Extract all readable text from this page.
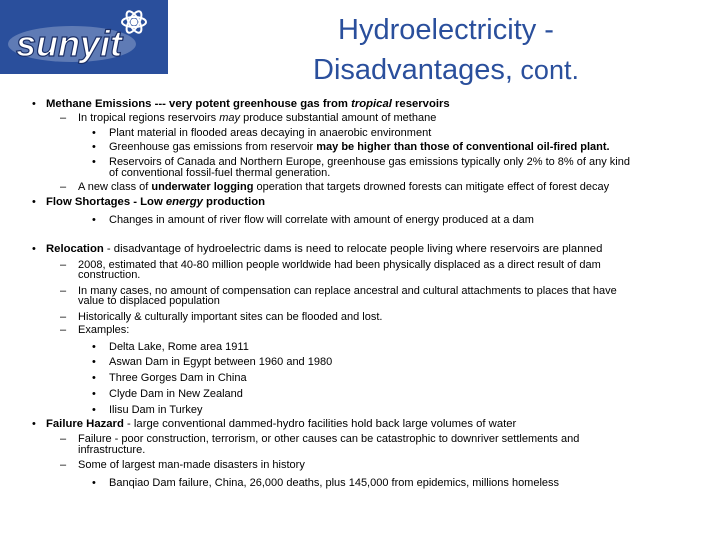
sunyit	Hydroelectricity -
Disadvantages, cont.
•
•
•
•
Methane Emissions --- very potent greenhouse gas from tropical reservoirs
– In tropical regions reservoirs may produce substantial amount of methane
• Plant material in flooded areas decaying in anaerobic environment
• Greenhouse gas emissions from reservoir may be higher than those of conventional oil-fired plant.
• Reservoirs of Canada and Northern Europe, greenhouse gas emissions typically only 2% to 8% of any kind
of conventional fossil-fuel thermal generation.
– A new class of underwater logging operation that targets drowned forests can mitigate effect of forest decay
Flow Shortages - Low energy production
• Changes in amount of river flow will correlate with amount of energy produced at a dam
Relocation - disadvantage of hydroelectric dams is need to relocate people living where reservoirs are planned
– 2008, estimated that 40-80 million people worldwide had been physically displaced as a direct result of dam
construction.
– In many cases, no amount of compensation can replace ancestral and cultural attachments to places that have
value to displaced population
– Historically & culturally important sites can be flooded and lost.
– Examples:
• Delta Lake, Rome area 1911
• Aswan Dam in Egypt between 1960 and 1980
• Three Gorges Dam in China
• Clyde Dam in New Zealand
• Ilisu Dam in Turkey
Failure Hazard - large conventional dammed-hydro facilities hold back large volumes of water
– Failure - poor construction, terrorism, or other causes can be catastrophic to downriver settlements and
infrastructure.
– Some of largest man-made disasters in history
• Banqiao Dam failure, China, 26,000 deaths, plus 145,000 from epidemics, millions homeless
